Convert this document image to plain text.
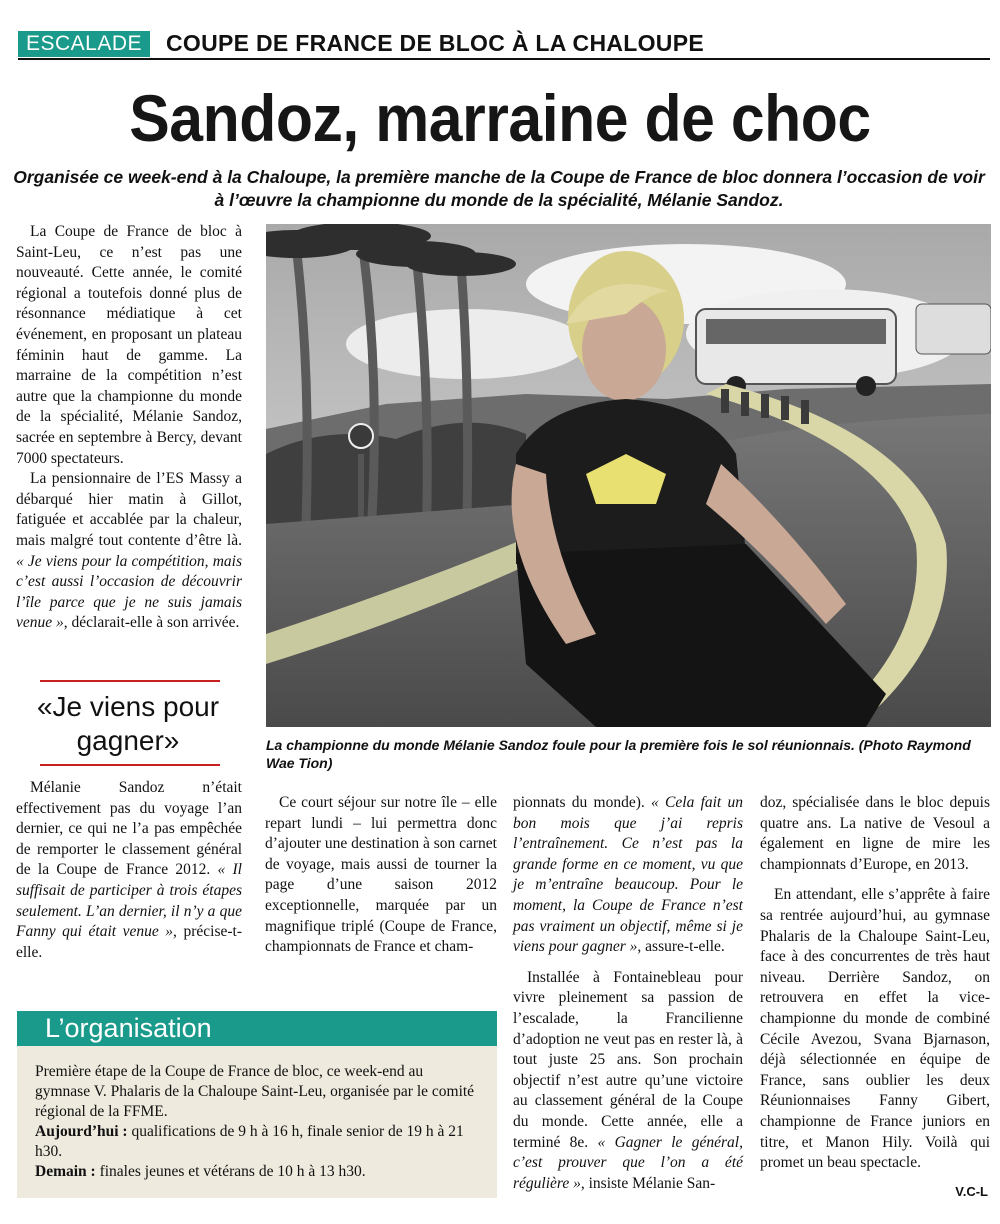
ESCALADE	COUPE DE FRANCE DE BLOC À LA CHALOUPE
Sandoz, marraine de choc
Organisée ce week-end à la Chaloupe, la première manche de la Coupe de France de bloc donnera l’occasion de voir à l’œuvre la championne du monde de la spécialité, Mélanie Sandoz.

La Coupe de France de bloc à Saint-Leu, ce n’est pas une nouveauté. Cette année, le comité régional a toutefois donné plus de résonnance médiatique à cet événement, en proposant un plateau féminin haut de gamme. La marraine de la compétition n’est autre que la championne du monde de la spécialité, Mélanie Sandoz, sacrée en septembre à Bercy, devant 7000 spectateurs.

La pensionnaire de l’ES Massy a débarqué hier matin à Gillot, fatiguée et accablée par la chaleur, mais malgré tout contente d’être là. « Je viens pour la compétition, mais c’est aussi l’occasion de découvrir l’île parce que je ne suis jamais venue », déclarait-elle à son arrivée.

«Je viens pour
gagner»

Mélanie Sandoz n’était effectivement pas du voyage l’an dernier, ce qui ne l’a pas empêchée de remporter le classement général de la Coupe de France 2012. « Il suffisait de participer à trois étapes seulement. L’an dernier, il n’y a que Fanny qui était venue », précise-t-elle.

La championne du monde Mélanie Sandoz foule pour la première fois le sol réunionnais. (Photo Raymond Wae Tion)

Ce court séjour sur notre île – elle repart lundi – lui permettra donc d’ajouter une destination à son carnet de voyage, mais aussi de tourner la page d’une saison 2012 exceptionnelle, marquée par un magnifique triplé (Coupe de France, championnats de France et cham-

pionnats du monde). « Cela fait un bon mois que j’ai repris l’entraînement. Ce n’est pas la grande forme en ce moment, vu que je m’entraîne beaucoup. Pour le moment, la Coupe de France n’est pas vraiment un objectif, même si je viens pour gagner », assure-t-elle.

Installée à Fontainebleau pour vivre pleinement sa passion de l’escalade, la Francilienne d’adoption ne veut pas en rester là, à tout juste 25 ans. Son prochain objectif n’est autre qu’une victoire au classement général de la Coupe du monde. Cette année, elle a terminé 8e. « Gagner le général, c’est prouver que l’on a été régulière », insiste Mélanie San-

doz, spécialisée dans le bloc depuis quatre ans. La native de Vesoul a également en ligne de mire les championnats d’Europe, en 2013.

En attendant, elle s’apprête à faire sa rentrée aujourd’hui, au gymnase Phalaris de la Chaloupe Saint-Leu, face à des concurrentes de très haut niveau. Derrière Sandoz, on retrouvera en effet la vice-championne du monde de combiné Cécile Avezou, Svana Bjarnason, déjà sélectionnée en équipe de France, sans oublier les deux Réunionnaises Fanny Gibert, championne de France juniors en titre, et Manon Hily. Voilà qui promet un beau spectacle.

L’organisation

Première étape de la Coupe de France de bloc, ce week-end au gymnase V. Phalaris de la Chaloupe Saint-Leu, organisée par le comité régional de la FFME.

Aujourd’hui : qualifications de 9 h à 16 h, finale senior de 19 h à 21 h30.

Demain : finales jeunes et vétérans de 10 h à 13 h30.

V.C-L
